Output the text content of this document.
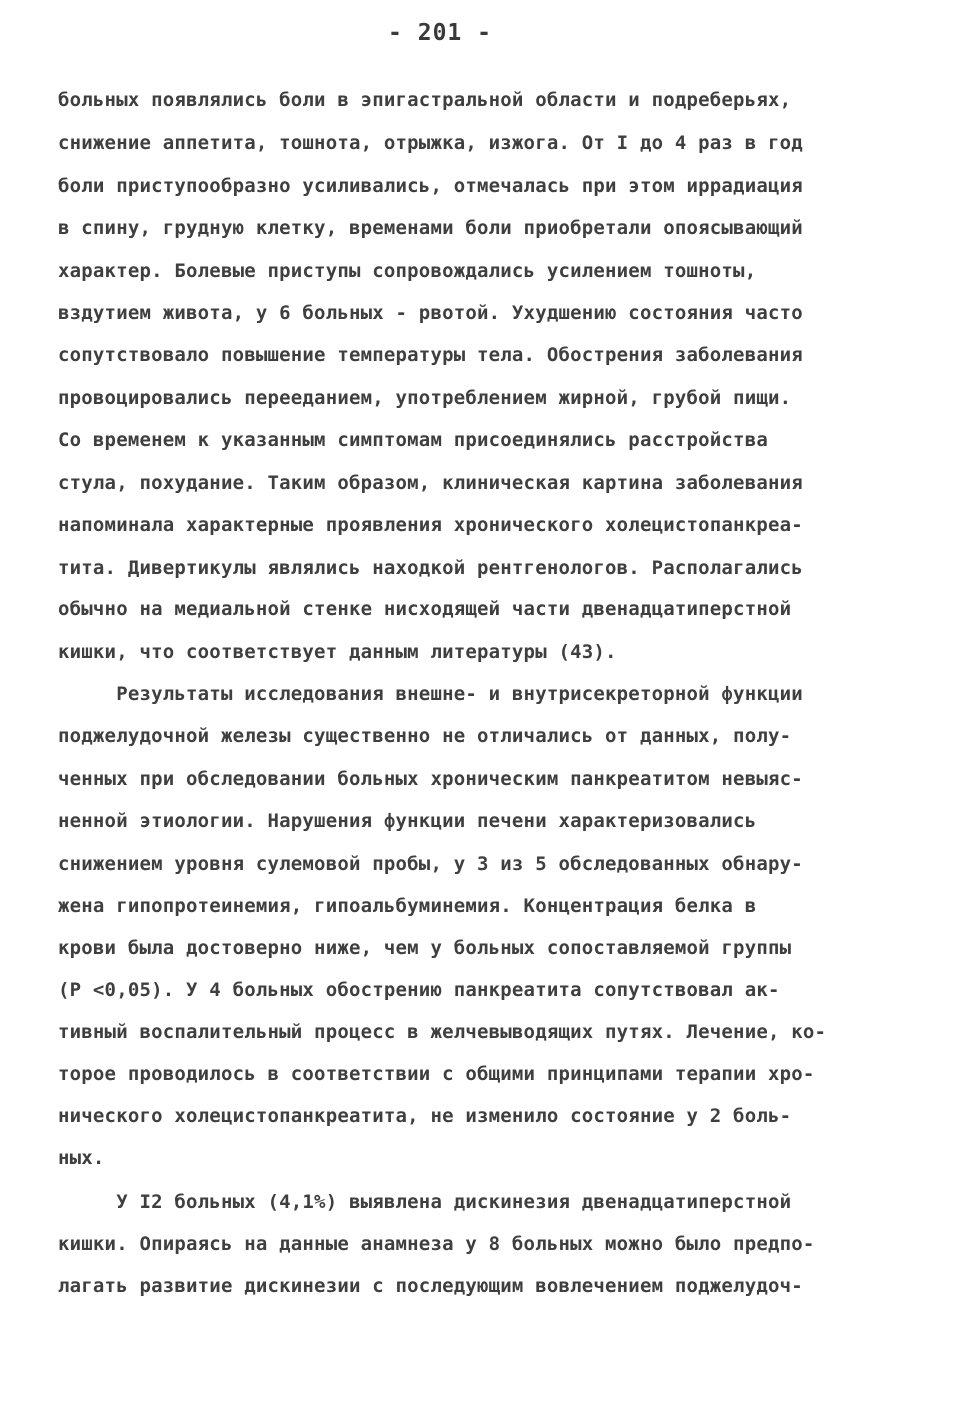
- 201 -
больных появлялись боли в эпигастральной области и подреберьях,
снижение аппетита, тошнота, отрыжка, изжога. От I до 4 раз в год
боли приступообразно усиливались, отмечалась при этом иррадиация
в спину, грудную клетку, временами боли приобретали опоясывающий
характер. Болевые приступы сопровождались усилением тошноты,
вздутием живота, у 6 больных - рвотой. Ухудшению состояния часто
сопутствовало повышение температуры тела. Обострения заболевания
провоцировались перееданием, употреблением жирной, грубой пищи.
Со временем к указанным симптомам присоединялись расстройства
стула, похудание. Таким образом, клиническая картина заболевания
напоминала характерные проявления хронического холецистопанкреа-
тита. Дивертикулы являлись находкой рентгенологов. Располагались
обычно на медиальной стенке нисходящей части двенадцатиперстной
кишки, что соответствует данным литературы (43).
Результаты исследования внешне- и внутрисекреторной функции
поджелудочной железы существенно не отличались от данных, полу-
ченных при обследовании больных хроническим панкреатитом невыяс-
ненной этиологии. Нарушения функции печени характеризовались
снижением уровня сулемовой пробы, у 3 из 5 обследованных обнару-
жена гипопротеинемия, гипоальбуминемия. Концентрация белка в
крови была достоверно ниже, чем у больных сопоставляемой группы
(P <0,05). У 4 больных обострению панкреатита сопутствовал ак-
тивный воспалительный процесс в желчевыводящих путях. Лечение, ко-
торое проводилось в соответствии с общими принципами терапии хро-
нического холецистопанкреатита, не изменило состояние у 2 боль-
ных.
У I2 больных (4,1%) выявлена дискинезия двенадцатиперстной
кишки. Опираясь на данные анамнеза у 8 больных можно было предпо-
лагать развитие дискинезии с последующим вовлечением поджелудоч-
